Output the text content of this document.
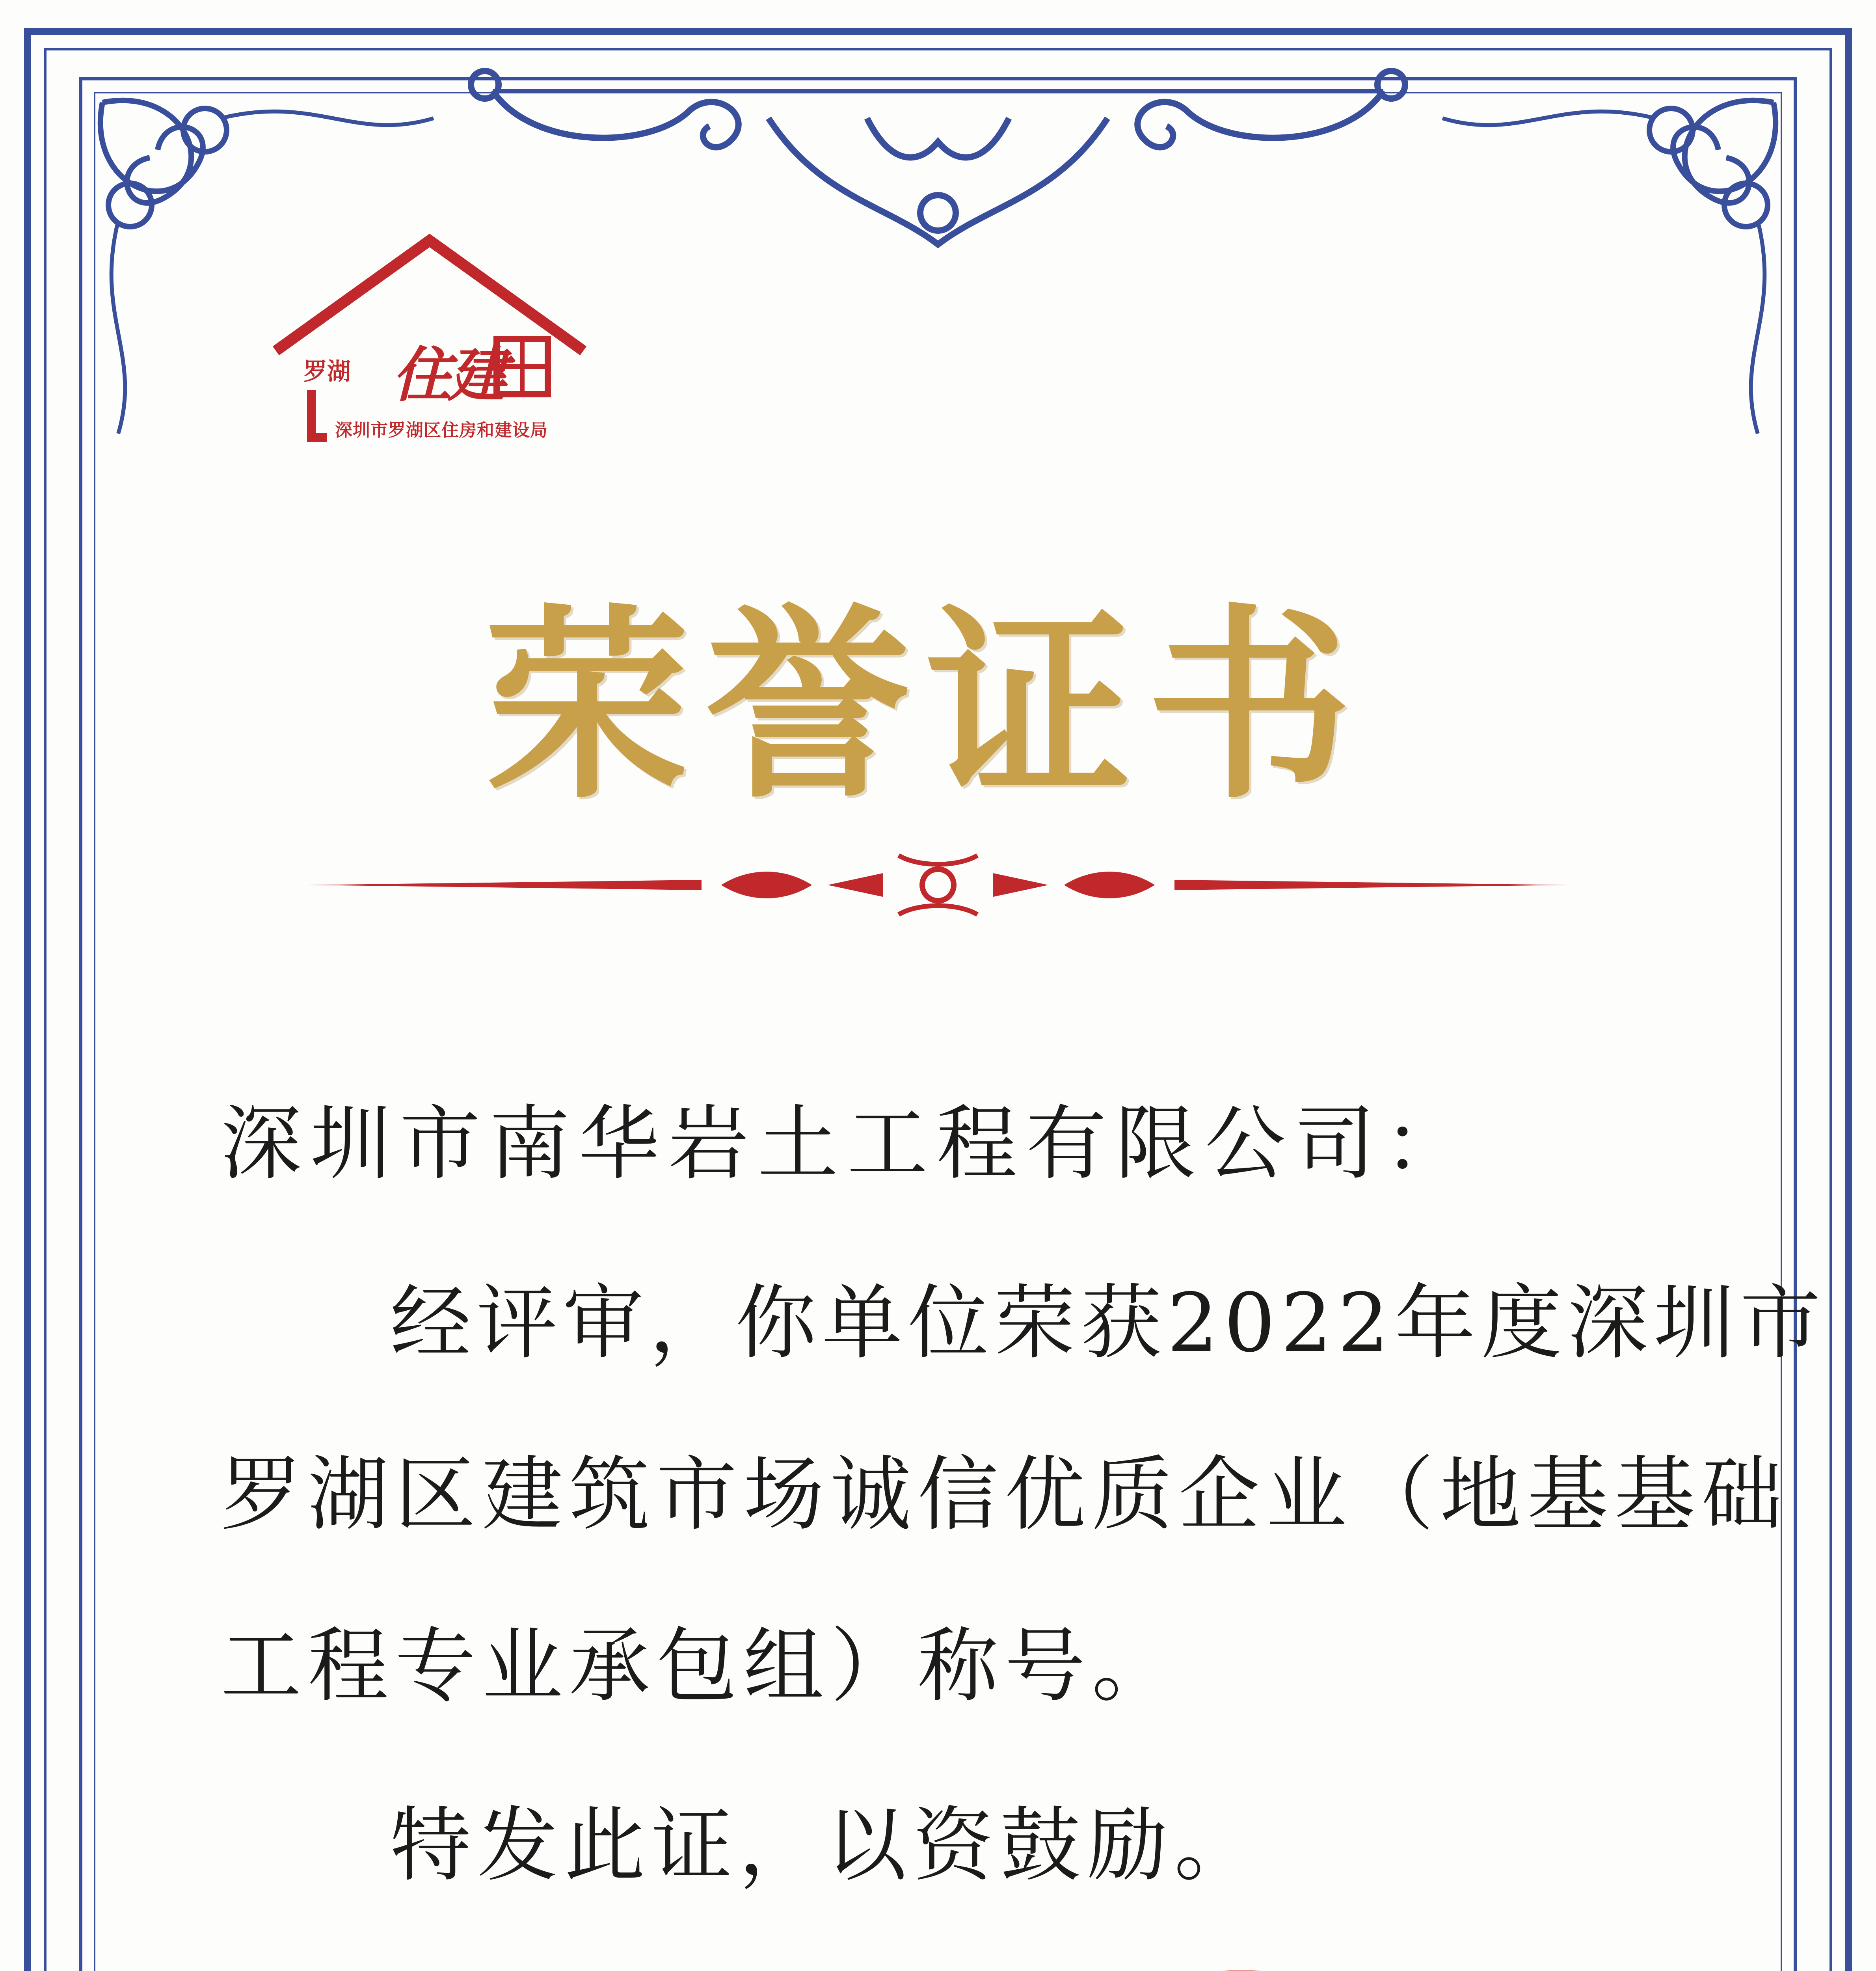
罗湖 住建
深圳市罗湖区住房和建设局
荣誉证书
深圳市南华岩土工程有限公司：
经评审，你单位荣获2022年度深圳市
罗湖区建筑市场诚信优质企业（地基基础
工程专业承包组）称号。
特发此证，以资鼓励。
